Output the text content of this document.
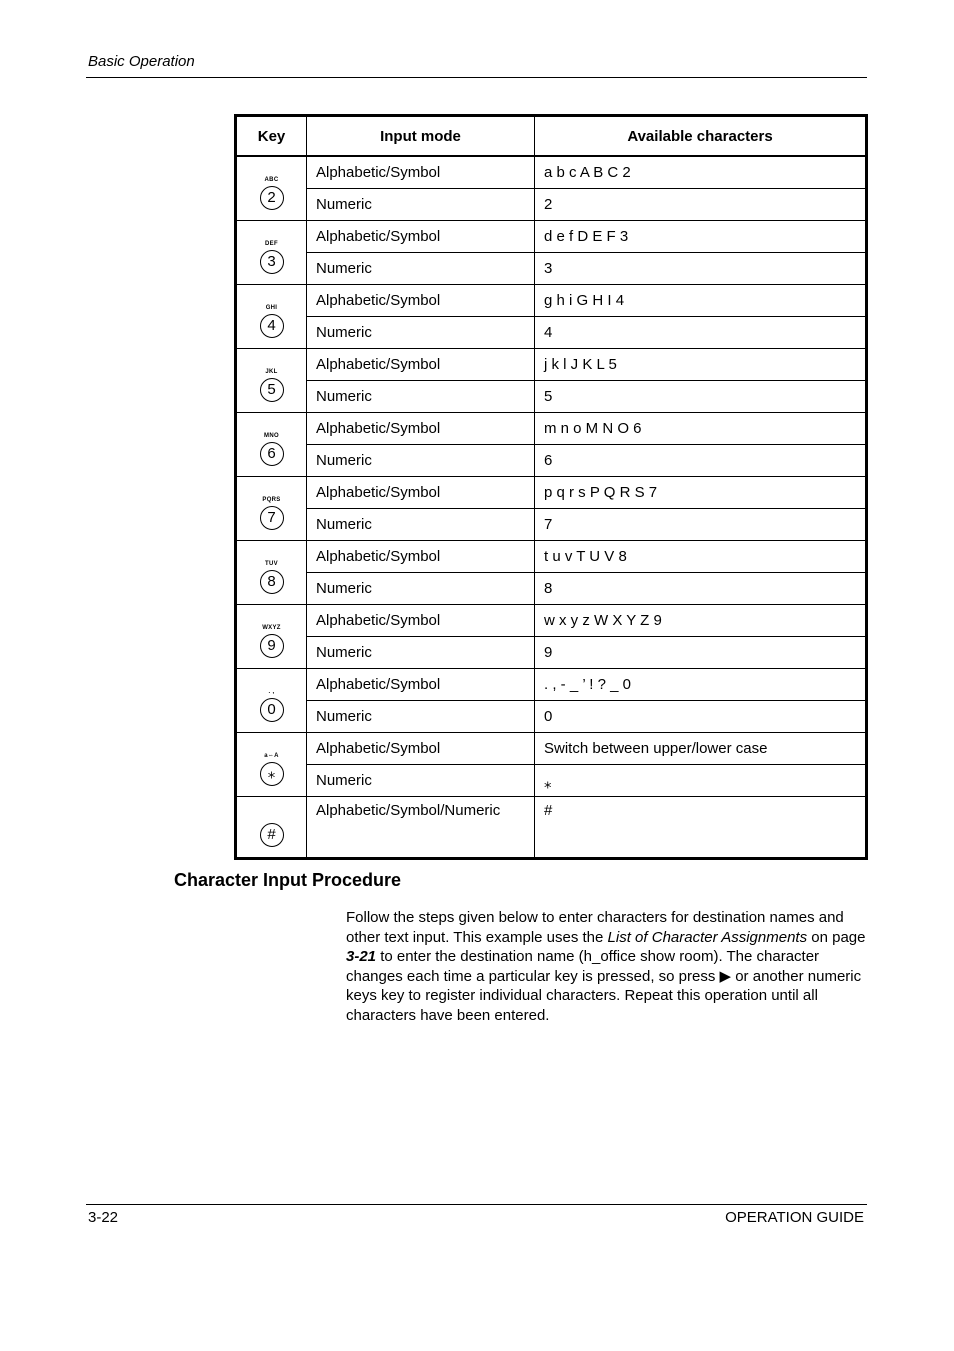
Basic Operation
Key	Input mode	Available characters

ABC
2	Alphabetic/Symbol	a b c A B C 2
	Numeric	2

DEF
3	Alphabetic/Symbol	d e f D E F 3
	Numeric	3

GHI
4	Alphabetic/Symbol	g h i G H I 4
	Numeric	4

JKL
5	Alphabetic/Symbol	j k l J K L 5
	Numeric	5

MNO
6	Alphabetic/Symbol	m n o M N O 6
	Numeric	6

PQRS
7	Alphabetic/Symbol	p q r s P Q R S 7
	Numeric	7

TUV
8	Alphabetic/Symbol	t u v T U V 8
	Numeric	8

WXYZ
9	Alphabetic/Symbol	w x y z W X Y Z 9
	Numeric	9

. ,
0	Alphabetic/Symbol	. , - _ ’ ! ? _ 0
	Numeric	0

a⇔A
⁎	Alphabetic/Symbol	Switch between upper/lower case
	Numeric	⁎

#	Alphabetic/Symbol/Numeric	#
Character Input Procedure
Follow the steps given below to enter characters for destination names and other text input. This example uses the List of Character Assignments on page 3-21 to enter the destination name (h_office show room). The character changes each time a particular key is pressed, so press ▶ or another numeric keys key to register individual characters. Repeat this operation until all characters have been entered.
3-22	OPERATION GUIDE
